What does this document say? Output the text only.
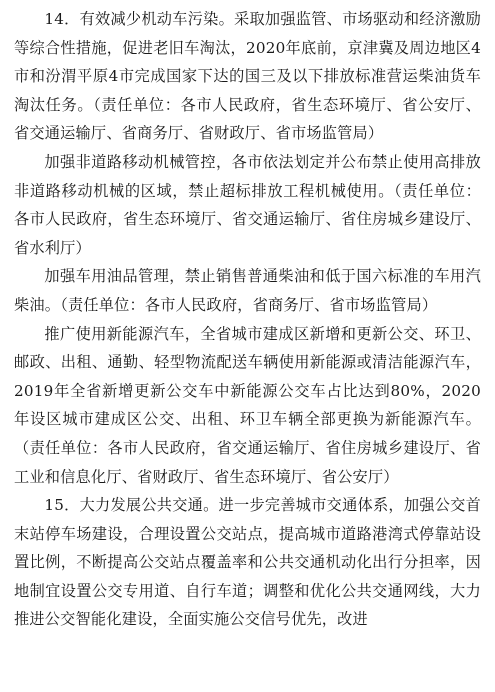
14．有效减少机动车污染。采取加强监管、市场驱动和经济激励等综合性措施，促进老旧车淘汰，2020年底前，京津冀及周边地区4市和汾渭平原4市完成国家下达的国三及以下排放标准营运柴油货车淘汰任务。（责任单位：各市人民政府，省生态环境厅、省公安厅、省交通运输厅、省商务厅、省财政厅、省市场监管局）

加强非道路移动机械管控，各市依法划定并公布禁止使用高排放非道路移动机械的区域，禁止超标排放工程机械使用。（责任单位：各市人民政府，省生态环境厅、省交通运输厅、省住房城乡建设厅、省水利厅）

加强车用油品管理，禁止销售普通柴油和低于国六标准的车用汽柴油。（责任单位：各市人民政府，省商务厅、省市场监管局）

推广使用新能源汽车，全省城市建成区新增和更新公交、环卫、邮政、出租、通勤、轻型物流配送车辆使用新能源或清洁能源汽车，2019年全省新增更新公交车中新能源公交车占比达到80%，2020年设区城市建成区公交、出租、环卫车辆全部更换为新能源汽车。（责任单位：各市人民政府，省交通运输厅、省住房城乡建设厅、省工业和信息化厅、省财政厅、省生态环境厅、省公安厅）

15．大力发展公共交通。进一步完善城市交通体系，加强公交首末站停车场建设，合理设置公交站点，提高城市道路港湾式停靠站设置比例，不断提高公交站点覆盖率和公共交通机动化出行分担率，因地制宜设置公交专用道、自行车道；调整和优化公共交通网线，大力推进公交智能化建设，全面实施公交信号优先，改进
